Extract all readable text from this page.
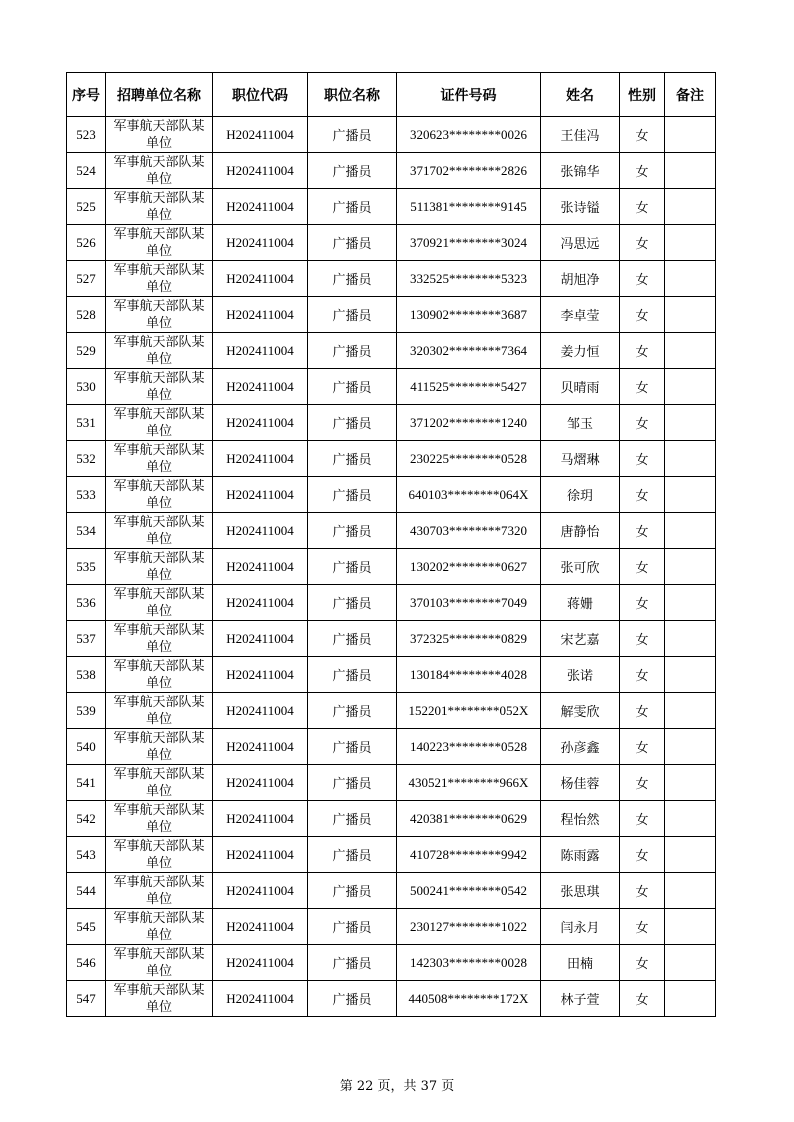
序号	招聘单位名称	职位代码	职位名称	证件号码	姓名	性别	备注
523	军事航天部队某单位	H202411004	广播员	320623********0026	王佳冯	女	
524	军事航天部队某单位	H202411004	广播员	371702********2826	张锦华	女	
525	军事航天部队某单位	H202411004	广播员	511381********9145	张诗镒	女	
526	军事航天部队某单位	H202411004	广播员	370921********3024	冯思远	女	
527	军事航天部队某单位	H202411004	广播员	332525********5323	胡旭净	女	
528	军事航天部队某单位	H202411004	广播员	130902********3687	李卓莹	女	
529	军事航天部队某单位	H202411004	广播员	320302********7364	姜力恒	女	
530	军事航天部队某单位	H202411004	广播员	411525********5427	贝晴雨	女	
531	军事航天部队某单位	H202411004	广播员	371202********1240	邹玉	女	
532	军事航天部队某单位	H202411004	广播员	230225********0528	马熠琳	女	
533	军事航天部队某单位	H202411004	广播员	640103********064X	徐玥	女	
534	军事航天部队某单位	H202411004	广播员	430703********7320	唐静怡	女	
535	军事航天部队某单位	H202411004	广播员	130202********0627	张可欣	女	
536	军事航天部队某单位	H202411004	广播员	370103********7049	蒋姗	女	
537	军事航天部队某单位	H202411004	广播员	372325********0829	宋艺嘉	女	
538	军事航天部队某单位	H202411004	广播员	130184********4028	张诺	女	
539	军事航天部队某单位	H202411004	广播员	152201********052X	解雯欣	女	
540	军事航天部队某单位	H202411004	广播员	140223********0528	孙彦鑫	女	
541	军事航天部队某单位	H202411004	广播员	430521********966X	杨佳蓉	女	
542	军事航天部队某单位	H202411004	广播员	420381********0629	程怡然	女	
543	军事航天部队某单位	H202411004	广播员	410728********9942	陈雨露	女	
544	军事航天部队某单位	H202411004	广播员	500241********0542	张思琪	女	
545	军事航天部队某单位	H202411004	广播员	230127********1022	闫永月	女	
546	军事航天部队某单位	H202411004	广播员	142303********0028	田楠	女	
547	军事航天部队某单位	H202411004	广播员	440508********172X	林子萱	女	
第 22 页，共 37 页
